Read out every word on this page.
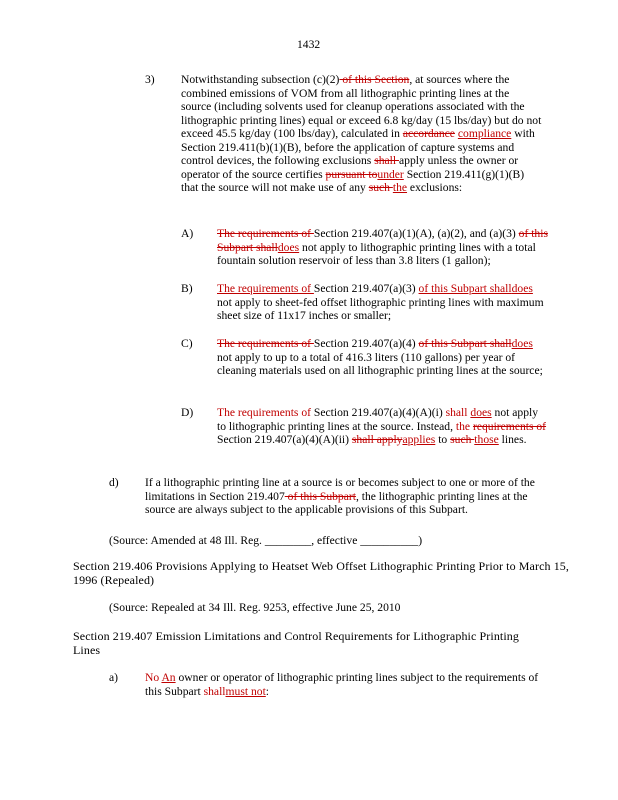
1432
3) Notwithstanding subsection (c)(2) of this Section, at sources where the combined emissions of VOM from all lithographic printing lines at the source (including solvents used for cleanup operations associated with the lithographic printing lines) equal or exceed 6.8 kg/day (15 lbs/day) but do not exceed 45.5 kg/day (100 lbs/day), calculated in accordance compliance with Section 219.411(b)(1)(B), before the application of capture systems and control devices, the following exclusions shall apply unless the owner or operator of the source certifies pursuant tounder Section 219.411(g)(1)(B) that the source will not make use of any such the exclusions:
A) The requirements of Section 219.407(a)(1)(A), (a)(2), and (a)(3) of this Subpart shalldoes not apply to lithographic printing lines with a total fountain solution reservoir of less than 3.8 liters (1 gallon);
B) The requirements of Section 219.407(a)(3) of this Subpart shalldoes not apply to sheet-fed offset lithographic printing lines with maximum sheet size of 11x17 inches or smaller;
C) The requirements of Section 219.407(a)(4) of this Subpart shalldoes not apply to up to a total of 416.3 liters (110 gallons) per year of cleaning materials used on all lithographic printing lines at the source;
D) The requirements of Section 219.407(a)(4)(A)(i) shall does not apply to lithographic printing lines at the source. Instead, the requirements of Section 219.407(a)(4)(A)(ii) shall applyapplies to such those lines.
d) If a lithographic printing line at a source is or becomes subject to one or more of the limitations in Section 219.407 of this Subpart, the lithographic printing lines at the source are always subject to the applicable provisions of this Subpart.
(Source: Amended at 48 Ill. Reg. ________, effective __________)
Section 219.406 Provisions Applying to Heatset Web Offset Lithographic Printing Prior to March 15, 1996 (Repealed)
(Source: Repealed at 34 Ill. Reg. 9253, effective June 25, 2010
Section 219.407 Emission Limitations and Control Requirements for Lithographic Printing Lines
a) No An owner or operator of lithographic printing lines subject to the requirements of this Subpart shallmust not:
